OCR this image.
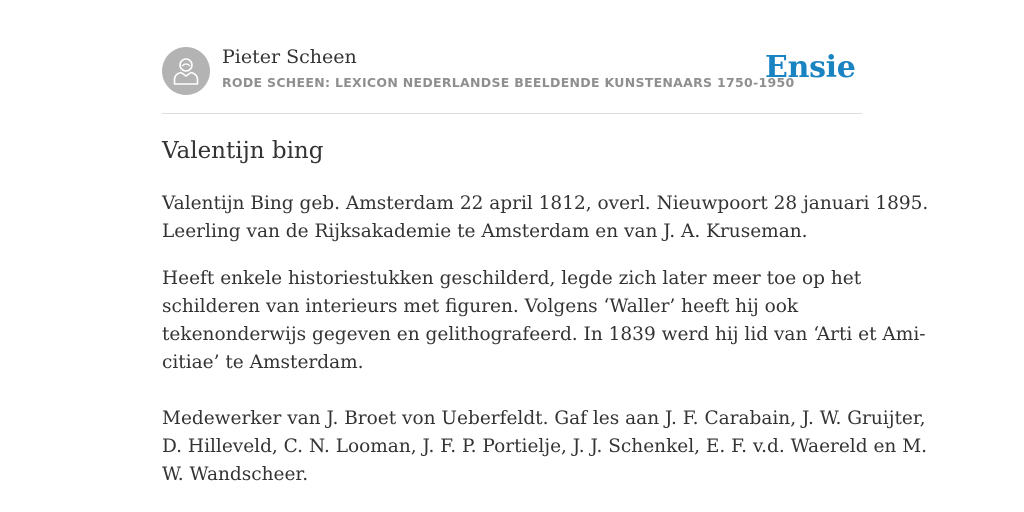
Pieter Scheen
RODE SCHEEN: LEXICON NEDERLANDSE BEELDENDE KUNSTENAARS 1750-1950
Ensie
Valentijn bing

Valentijn Bing geb. Amsterdam 22 april 1812, overl. Nieuwpoort 28 januari 1895.
Leerling van de Rijksakademie te Amsterdam en van J. A. Kruseman.

Heeft enkele historiestukken geschilderd, legde zich later meer toe op het
schilderen van interieurs met figuren. Volgens ‘Waller’ heeft hij ook
tekenonderwijs gegeven en gelithografeerd. In 1839 werd hij lid van ‘Arti et Ami-
citiae’ te Amsterdam.

Medewerker van J. Broet von Ueberfeldt. Gaf les aan J. F. Carabain, J. W. Gruijter,
D. Hilleveld, C. N. Looman, J. F. P. Portielje, J. J. Schenkel, E. F. v.d. Waereld en M.
W. Wandscheer.
